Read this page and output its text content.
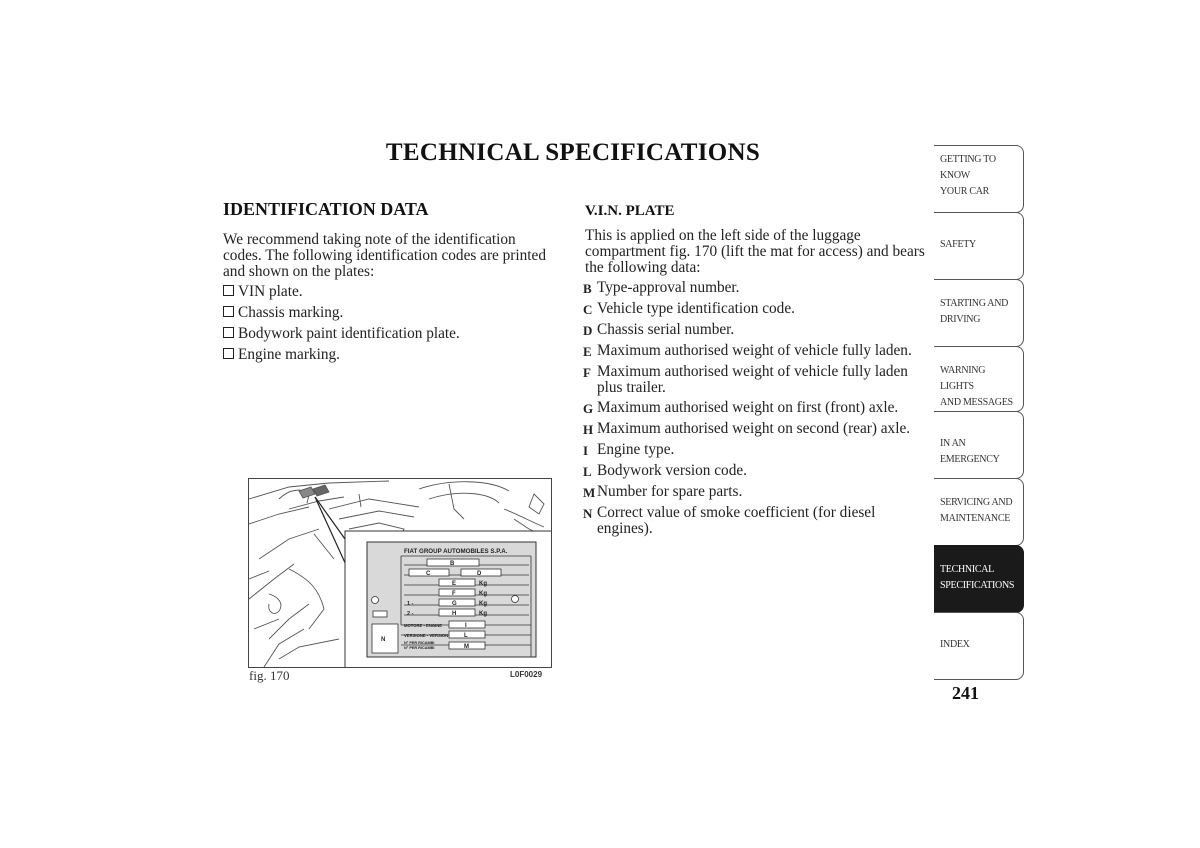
TECHNICAL SPECIFICATIONS
IDENTIFICATION DATA
We recommend taking note of the identification codes. The following identification codes are printed and shown on the plates:
VIN plate.
Chassis marking.
Bodywork paint identification plate.
Engine marking.
FIAT GROUP AUTOMOBILES S.P.A.
B
C	D
E	Kg
F	Kg
1 -	G	Kg
2 -	H	Kg
MOTORE - ENGINE	I
VERSIONE - VERSION	L
N° PER RICAMBI
N° PER RICAMBI	M
N
fig. 170	L0F0029
V.I.N. PLATE
This is applied on the left side of the luggage compartment fig. 170 (lift the mat for access) and bears the following data:
B Type-approval number.
C Vehicle type identification code.
D Chassis serial number.
E Maximum authorised weight of vehicle fully laden.
F Maximum authorised weight of vehicle fully laden plus trailer.
G Maximum authorised weight on first (front) axle.
H Maximum authorised weight on second (rear) axle.
I Engine type.
L Bodywork version code.
M Number for spare parts.
N Correct value of smoke coefficient (for diesel engines).
GETTING TO KNOW
YOUR CAR
SAFETY
STARTING AND
DRIVING
WARNING LIGHTS
AND MESSAGES
IN AN EMERGENCY
SERVICING AND
MAINTENANCE
TECHNICAL
SPECIFICATIONS
INDEX
241
